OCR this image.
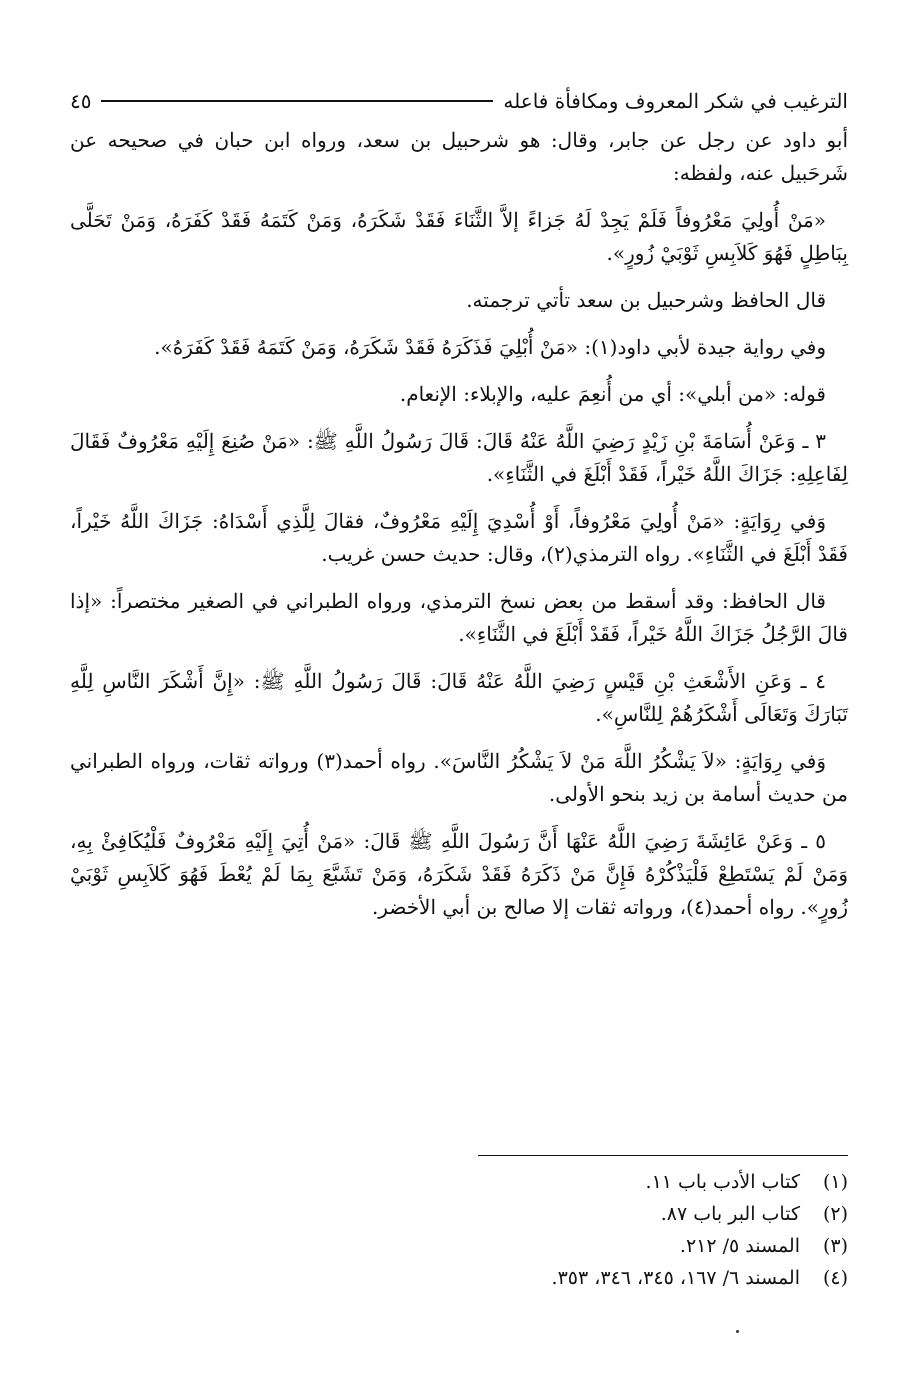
الترغيب في شكر المعروف ومكافأة فاعله
٤٥

أبو داود عن رجل عن جابر، وقال: هو شرحبيل بن سعد، ورواه ابن حبان في صحيحه عن شَرحَبيل عنه، ولفظه:

«مَنْ أُولِيَ مَعْرُوفاً فَلَمْ يَجِدْ لَهُ جَزاءً إلاَّ الثَّنَاءَ فَقَدْ شَكَرَهُ، وَمَنْ كَتَمَهُ فَقَدْ كَفَرَهُ، وَمَنْ تَحَلَّى بِبَاطِلٍ فَهُوَ كَلاَبِسِ ثَوْبَيْ زُورٍ».

قال الحافظ وشرحبيل بن سعد تأتي ترجمته.

وفي رواية جيدة لأبي داود(١): «مَنْ أُبْلِيَ فَذَكَرَهُ فَقَدْ شَكَرَهُ، وَمَنْ كَتَمَهُ فَقَدْ كَفَرَهُ».

قوله: «من أبلي»: أي من أُنعِمَ عليه، والإبلاء: الإنعام.

٣ ـ وَعَنْ أُسَامَةَ بْنِ زَيْدٍ رَضِيَ اللَّهُ عَنْهُ قَالَ: قَالَ رَسُولُ اللَّهِ ﷺ: «مَنْ صُنِعَ إِلَيْهِ مَعْرُوفٌ فَقَالَ لِفَاعِلِهِ: جَزَاكَ اللَّهُ خَيْراً، فَقَدْ أَبْلَغَ في الثَّنَاءِ».

وَفي رِوَايَةٍ: «مَنْ أُولِيَ مَعْرُوفاً، أَوْ أُسْدِيَ إِلَيْهِ مَعْرُوفٌ، فقالَ لِلَّذِي أَسْدَاهُ: جَزَاكَ اللَّهُ خَيْراً، فَقَدْ أَبْلَغَ في الثَّنَاءِ». رواه الترمذي(٢)، وقال: حديث حسن غريب.

قال الحافظ: وقد أسقط من بعض نسخ الترمذي، ورواه الطبراني في الصغير مختصراً: «إذا قالَ الرَّجُلُ جَزَاكَ اللَّهُ خَيْراً، فَقَدْ أَبْلَغَ في الثَّنَاءِ».

٤ ـ وَعَنِ الأَشْعَثِ بْنِ قَيْسٍ رَضِيَ اللَّهُ عَنْهُ قَالَ: قَالَ رَسُولُ اللَّهِ ﷺ: «إِنَّ أَشْكَرَ النَّاسِ لِلَّهِ تَبَارَكَ وَتَعَالَى أَشْكَرُهُمْ لِلنَّاسِ».

وَفي رِوَايَةٍ: «لاَ يَشْكُرُ اللَّهَ مَنْ لاَ يَشْكُرُ النَّاسَ». رواه أحمد(٣) ورواته ثقات، ورواه الطبراني من حديث أسامة بن زيد بنحو الأولى.

٥ ـ وَعَنْ عَائِشَةَ رَضِيَ اللَّهُ عَنْهَا أَنَّ رَسُولَ اللَّهِ ﷺ قَالَ: «مَنْ أُتِيَ إِلَيْهِ مَعْرُوفٌ فَلْيُكَافِئْ بِهِ، وَمَنْ لَمْ يَسْتَطِعْ فَلْيَذْكُرْهُ فَإِنَّ مَنْ ذَكَرَهُ فَقَدْ شَكَرَهُ، وَمَنْ تَشَبَّعَ بِمَا لَمْ يُعْطَ فَهُوَ كَلاَبِسِ ثَوْبَيْ زُورٍ». رواه أحمد(٤)، ورواته ثقات إلا صالح بن أبي الأخضر.

(١)
كتاب الأدب باب ١١.
(٢)
كتاب البر باب ٨٧.
(٣)
المسند ٥/ ٢١٢.
(٤)
المسند ٦/ ١٦٧، ٣٤٥، ٣٤٦، ٣٥٣.
